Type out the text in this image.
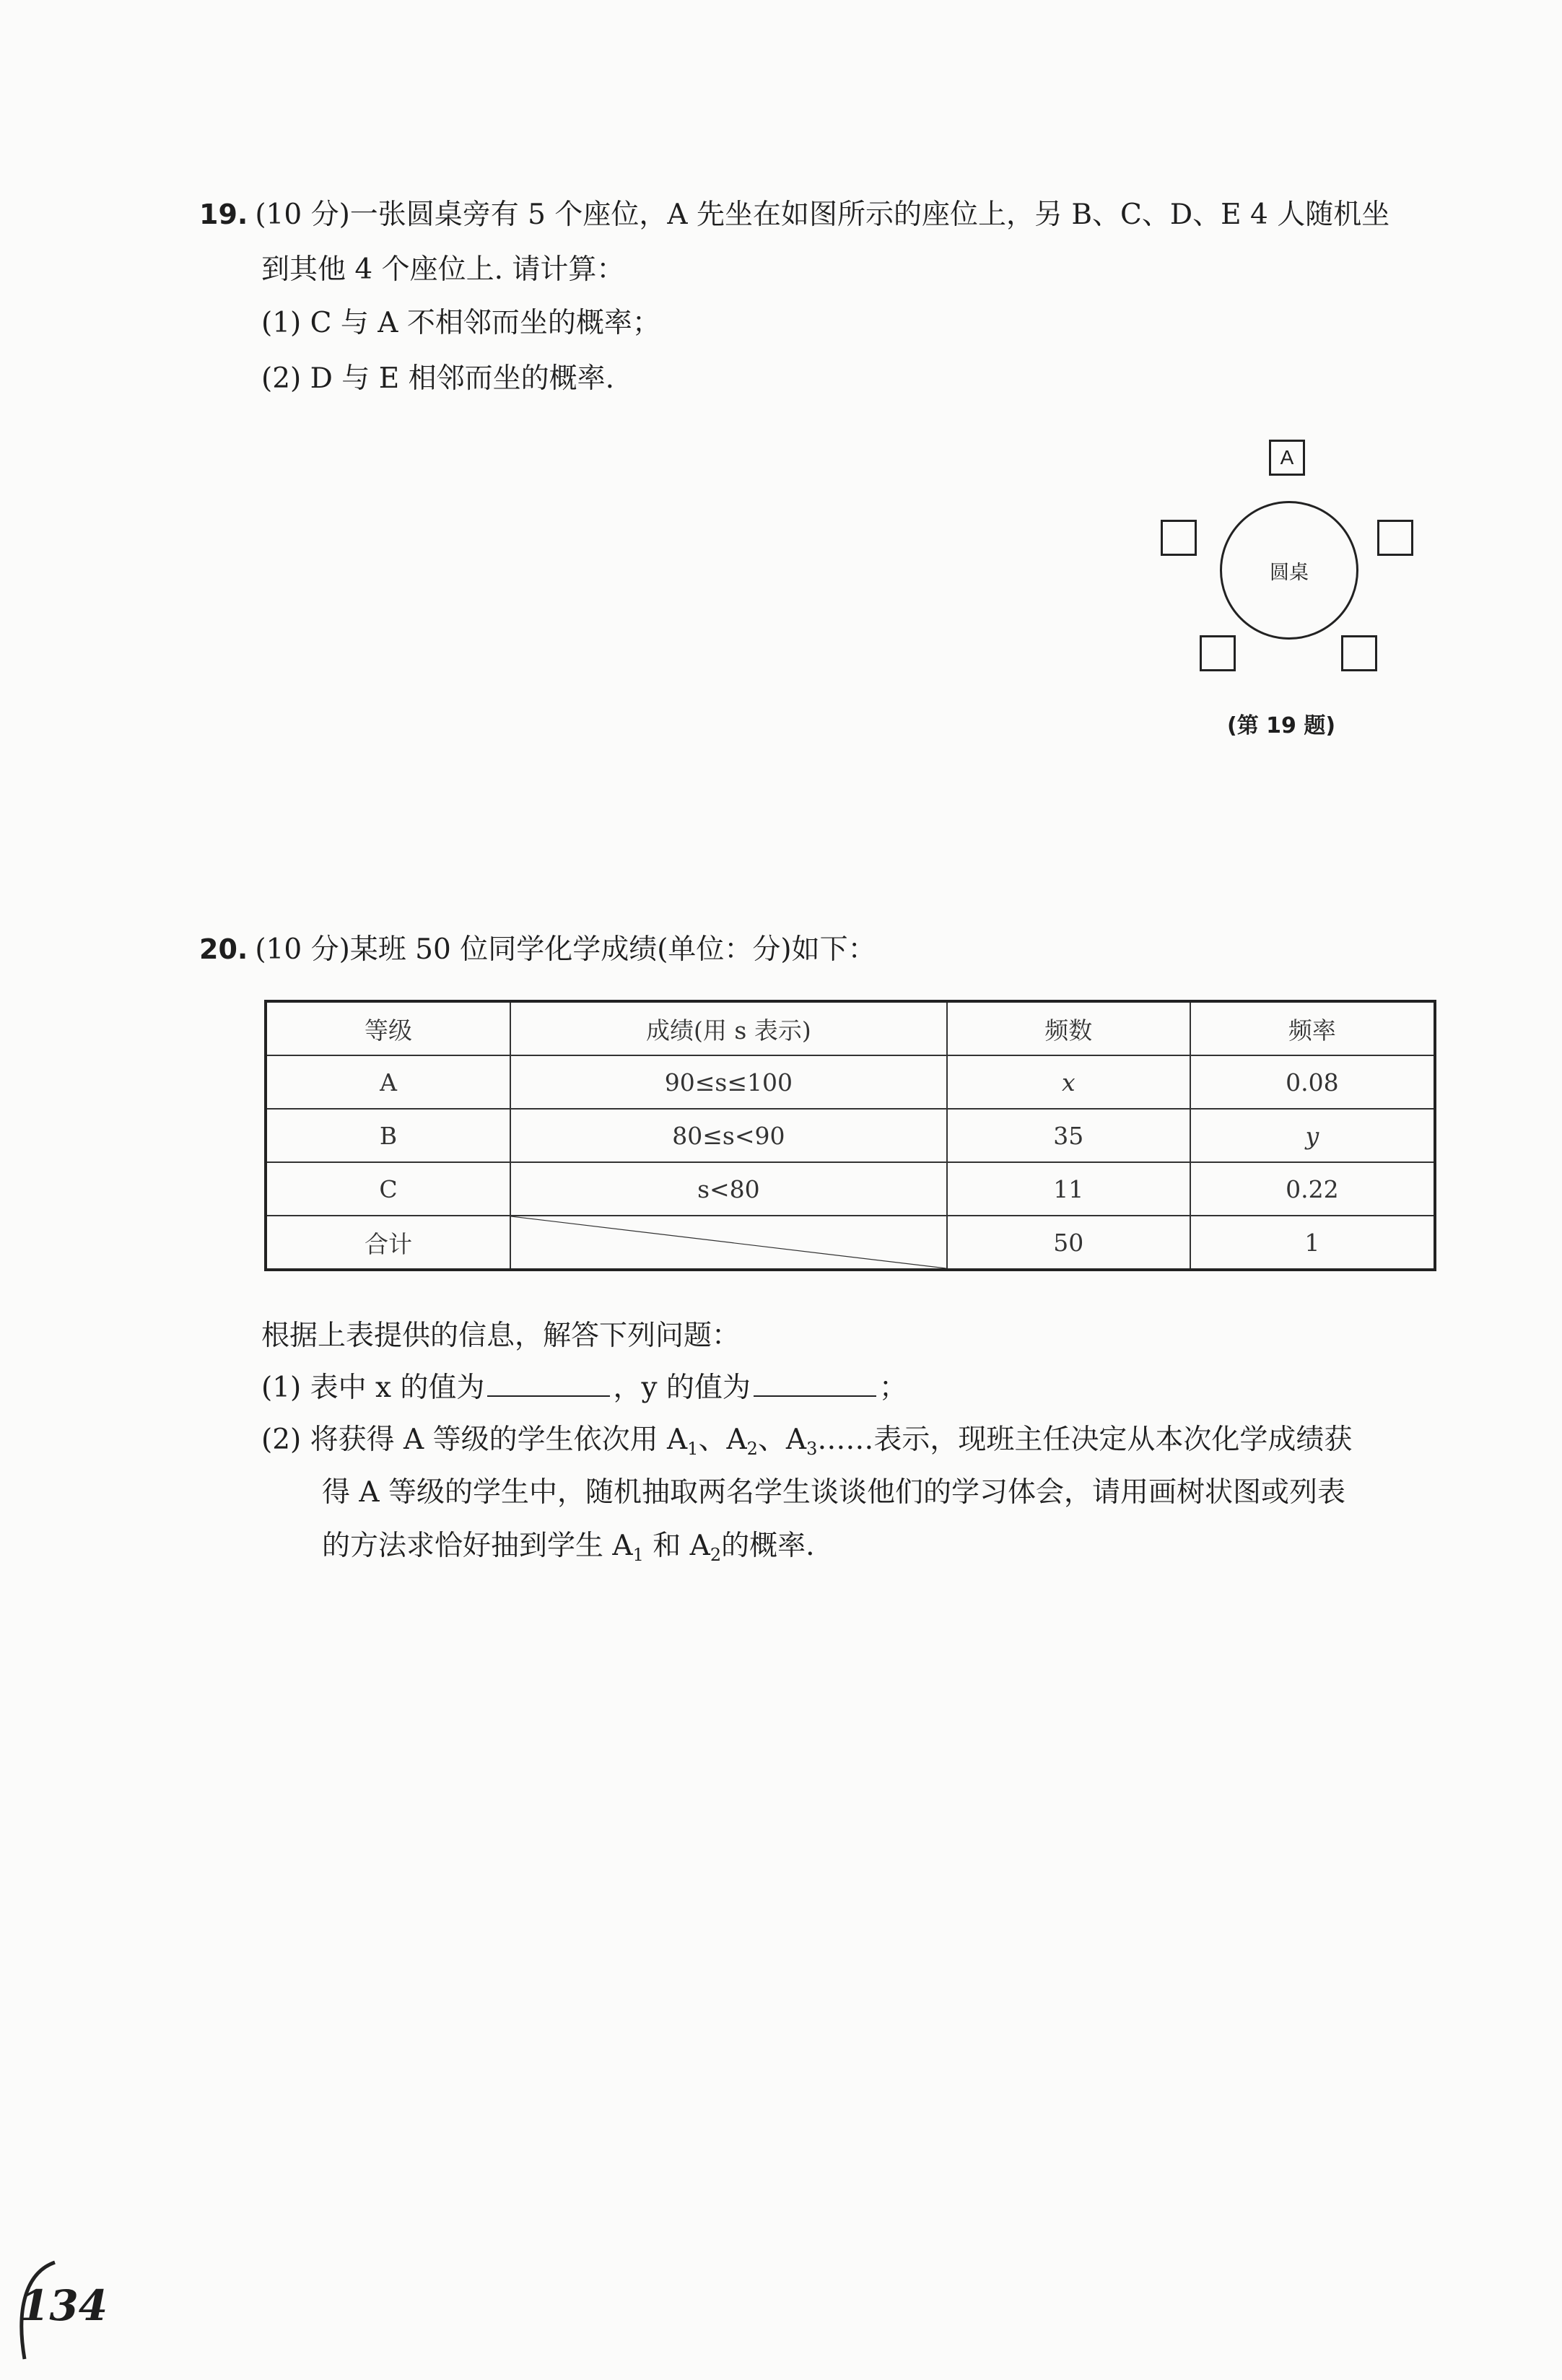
19. (10 分)一张圆桌旁有 5 个座位，A 先坐在如图所示的座位上，另 B、C、D、E 4 人随机坐
到其他 4 个座位上. 请计算：
(1) C 与 A 不相邻而坐的概率；
(2) D 与 E 相邻而坐的概率.
A
圆桌
(第 19 题)
20. (10 分)某班 50 位同学化学成绩(单位：分)如下：
等级	成绩(用 s 表示)	频数	频率
A	90≤s≤100	x	0.08
B	80≤s<90	35	y
C	s<80	11	0.22
合计		50	1
根据上表提供的信息，解答下列问题：
(1) 表中 x 的值为	，y 的值为	；
(2) 将获得 A 等级的学生依次用 $A_1$、$A_2$、$A_3\dots\dots$表示，现班主任决定从本次化学成绩获
得 A 等级的学生中，随机抽取两名学生谈谈他们的学习体会，请用画树状图或列表
的方法求恰好抽到学生 $A_1$ 和 $A_2$的概率.
134
